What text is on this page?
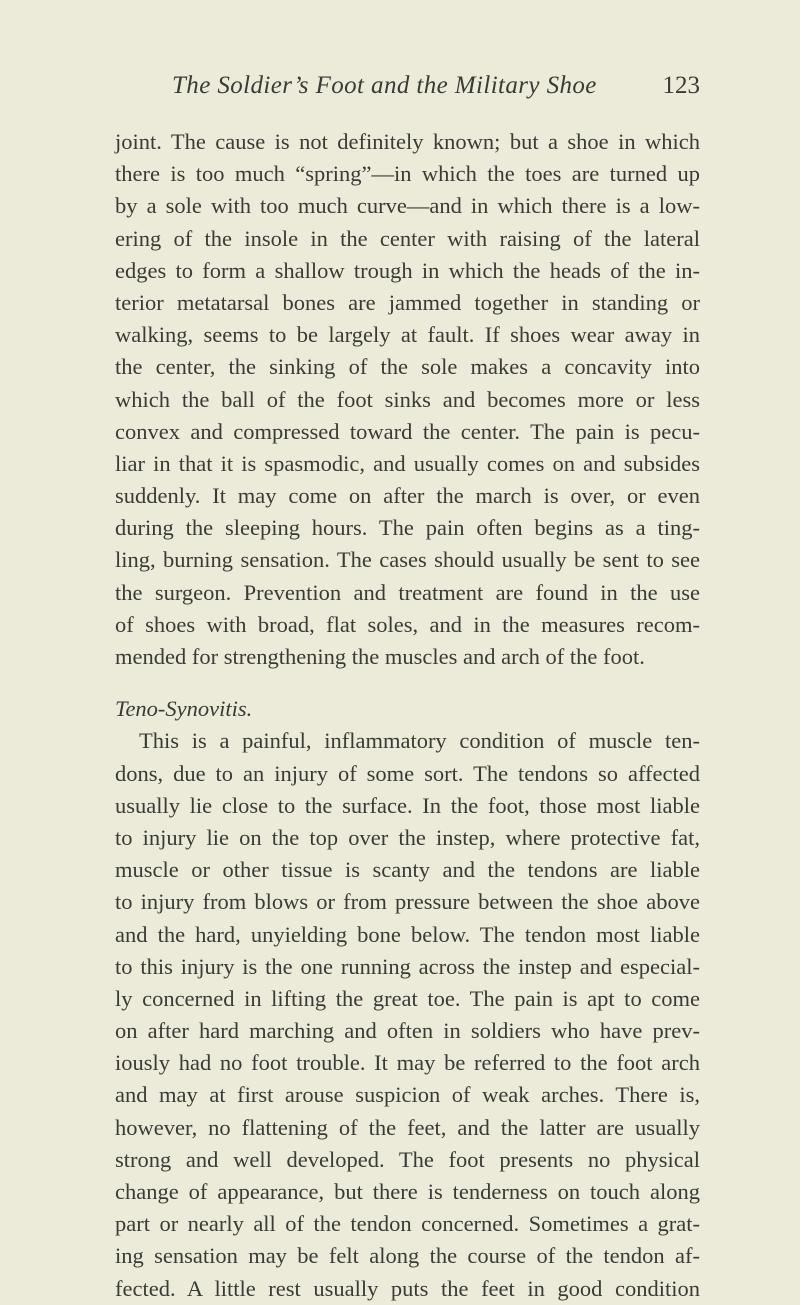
The Soldier’s Foot and the Military Shoe	123
joint. The cause is not definitely known; but a shoe in which
there is too much “spring”—in which the toes are turned up
by a sole with too much curve—and in which there is a low-
ering of the insole in the center with raising of the lateral
edges to form a shallow trough in which the heads of the in-
terior metatarsal bones are jammed together in standing or
walking, seems to be largely at fault. If shoes wear away in
the center, the sinking of the sole makes a concavity into
which the ball of the foot sinks and becomes more or less
convex and compressed toward the center. The pain is pecu-
liar in that it is spasmodic, and usually comes on and subsides
suddenly. It may come on after the march is over, or even
during the sleeping hours. The pain often begins as a ting-
ling, burning sensation. The cases should usually be sent to see
the surgeon. Prevention and treatment are found in the use
of shoes with broad, flat soles, and in the measures recom-
mended for strengthening the muscles and arch of the foot.
Teno-Synovitis.
This is a painful, inflammatory condition of muscle ten-
dons, due to an injury of some sort. The tendons so affected
usually lie close to the surface. In the foot, those most liable
to injury lie on the top over the instep, where protective fat,
muscle or other tissue is scanty and the tendons are liable
to injury from blows or from pressure between the shoe above
and the hard, unyielding bone below. The tendon most liable
to this injury is the one running across the instep and especial-
ly concerned in lifting the great toe. The pain is apt to come
on after hard marching and often in soldiers who have prev-
iously had no foot trouble. It may be referred to the foot arch
and may at first arouse suspicion of weak arches. There is,
however, no flattening of the feet, and the latter are usually
strong and well developed. The foot presents no physical
change of appearance, but there is tenderness on touch along
part or nearly all of the tendon concerned. Sometimes a grat-
ing sensation may be felt along the course of the tendon af-
fected. A little rest usually puts the feet in good condition
